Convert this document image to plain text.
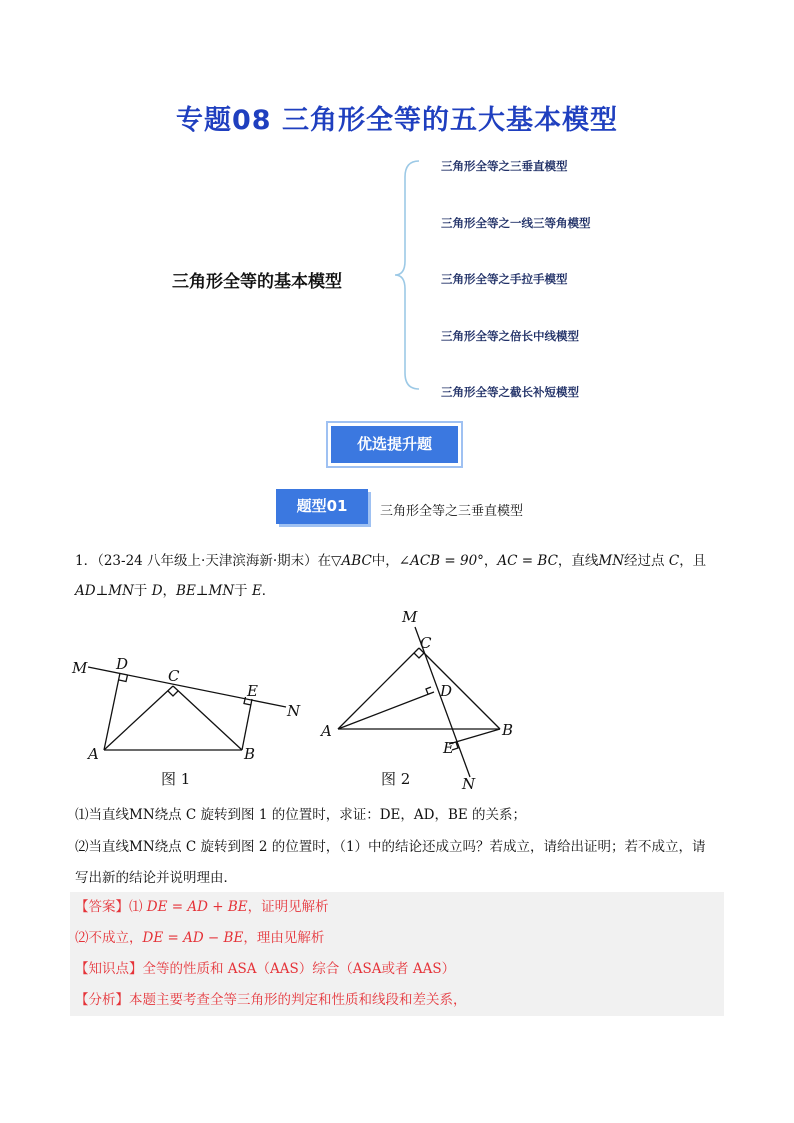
专题08 三角形全等的五大基本模型
三角形全等的基本模型
三角形全等之三垂直模型
三角形全等之一线三等角模型
三角形全等之手拉手模型
三角形全等之倍长中线模型
三角形全等之截长补短模型
优选提升题
题型01	三角形全等之三垂直模型
1．（23-24 八年级上·天津滨海新·期末）在▽ABC中，∠ACB = 90°，AC = BC，直线MN经过点 C，且
AD⊥MN于 D，BE⊥MN于 E．
M D
C
E
N
A	B
图 1
M
C
D
A	B
E
N
图 2
⑴当直线MN绕点 C 旋转到图 1 的位置时，求证：DE，AD，BE 的关系；
⑵当直线MN绕点 C 旋转到图 2 的位置时，（1）中的结论还成立吗？若成立，请给出证明；若不成立，请
写出新的结论并说明理由．
【答案】⑴ DE = AD + BE，证明见解析
⑵不成立，DE = AD − BE，理由见解析
【知识点】全等的性质和 ASA（AAS）综合（ASA或者 AAS）
【分析】本题主要考查全等三角形的判定和性质和线段和差关系，
